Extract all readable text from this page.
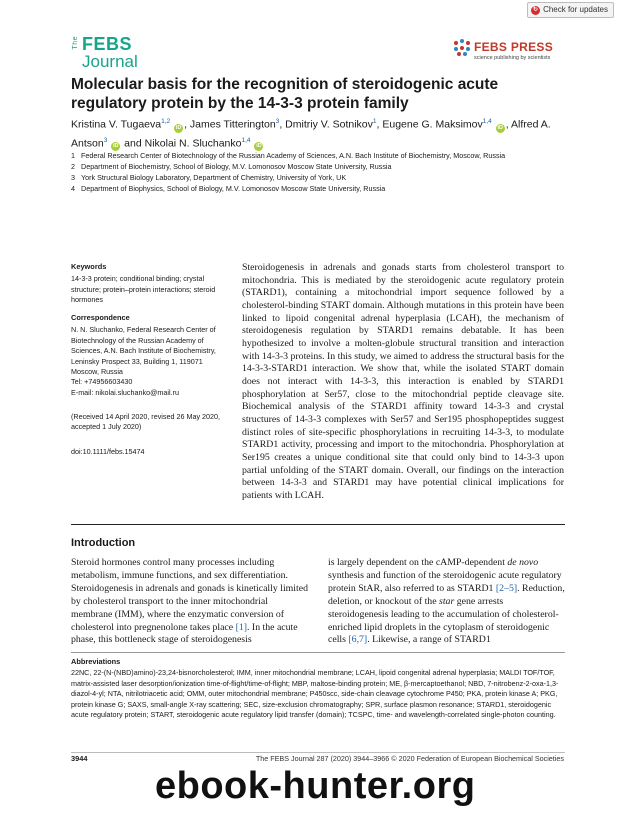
↻ Check for updates
The FEBS
Journal
FEBS PRESS
science publishing by scientists
Molecular basis for the recognition of steroidogenic acute regulatory protein by the 14-3-3 protein family

Kristina V. Tugaeva$^{1,2}$ iD , James Titterington$^3$, Dmitriy V. Sotnikov$^1$, Eugene G. Maksimov$^{1,4}$ iD , Alfred A. Antson$^3$ iD and Nikolai N. Sluchanko$^{1,4}$ iD

1 Federal Research Center of Biotechnology of the Russian Academy of Sciences, A.N. Bach Institute of Biochemistry, Moscow, Russia
2 Department of Biochemistry, School of Biology, M.V. Lomonosov Moscow State University, Russia
3 York Structural Biology Laboratory, Department of Chemistry, University of York, UK
4 Department of Biophysics, School of Biology, M.V. Lomonosov Moscow State University, Russia

Keywords

14-3-3 protein; conditional binding; crystal structure; protein–protein interactions; steroid hormones

Correspondence

N. N. Sluchanko, Federal Research Center of Biotechnology of the Russian Academy of Sciences, A.N. Bach Institute of Biochemistry, Leninsky Prospect 33, Building 1, 119071 Moscow, Russia

Tel: +74956603430

E-mail: nikolai.sluchanko@mail.ru

(Received 14 April 2020, revised 26 May 2020, accepted 1 July 2020)
doi:10.1111/febs.15474

Steroidogenesis in adrenals and gonads starts from cholesterol transport to mitochondria. This is mediated by the steroidogenic acute regulatory protein (STARD1), containing a mitochondrial import sequence followed by a cholesterol-binding START domain. Although mutations in this protein have been linked to lipoid congenital adrenal hyperplasia (LCAH), the mechanism of steroidogenesis regulation by STARD1 remains debatable. It has been hypothesized to involve a molten-globule structural transition and interaction with 14-3-3 proteins. In this study, we aimed to address the structural basis for the 14-3-3-STARD1 interaction. We show that, while the isolated START domain does not interact with 14-3-3, this interaction is enabled by STARD1 phosphorylation at Ser57, close to the mitochondrial peptide cleavage site. Biochemical analysis of the STARD1 affinity toward 14-3-3 and crystal structures of 14-3-3 complexes with Ser57 and Ser195 phosphopeptides suggest distinct roles of site-specific phosphorylations in recruiting 14-3-3, to modulate STARD1 activity, processing and import to the mitochondria. Phosphorylation at Ser195 creates a unique conditional site that could only bind to 14-3-3 upon partial unfolding of the START domain. Overall, our findings on the interaction between 14-3-3 and STARD1 may have potential clinical implications for patients with LCAH.

Introduction

Steroid hormones control many processes including metabolism, immune functions, and sex differentiation. Steroidogenesis in adrenals and gonads is kinetically limited by cholesterol transport to the inner mitochondrial membrane (IMM), where the enzymatic conversion of cholesterol into pregnenolone takes place [1]. In the acute phase, this bottleneck stage of steroidogenesis

is largely dependent on the cAMP-dependent de novo synthesis and function of the steroidogenic acute regulatory protein StAR, also referred to as STARD1 [2–5]. Reduction, deletion, or knockout of the star gene arrests steroidogenesis leading to the accumulation of cholesterol-enriched lipid droplets in the cytoplasm of steroidogenic cells [6,7]. Likewise, a range of STARD1

Abbreviations

22NC, 22-(N-(NBD)amino)-23,24-bisnorcholesterol; IMM, inner mitochondrial membrane; LCAH, lipoid congenital adrenal hyperplasia; MALDI TOF/TOF, matrix-assisted laser desorption/ionization time-of-flight/time-of-flight; MBP, maltose-binding protein; ME, β-mercaptoethanol; NBD, 7-nitrobenz-2-oxa-1,3-diazol-4-yl; NTA, nitrilotriacetic acid; OMM, outer mitochondrial membrane; P450scc, side-chain cleavage cytochrome P450; PKA, protein kinase A; PKG, protein kinase G; SAXS, small-angle X-ray scattering; SEC, size-exclusion chromatography; SPR, surface plasmon resonance; STARD1, steroidogenic acute regulatory protein; START, steroidogenic acute regulatory lipid transfer (domain); TCSPC, time- and wavelength-correlated single-photon counting.

3944	The FEBS Journal 287 (2020) 3944–3966 © 2020 Federation of European Biochemical Societies
ebook-hunter.org
